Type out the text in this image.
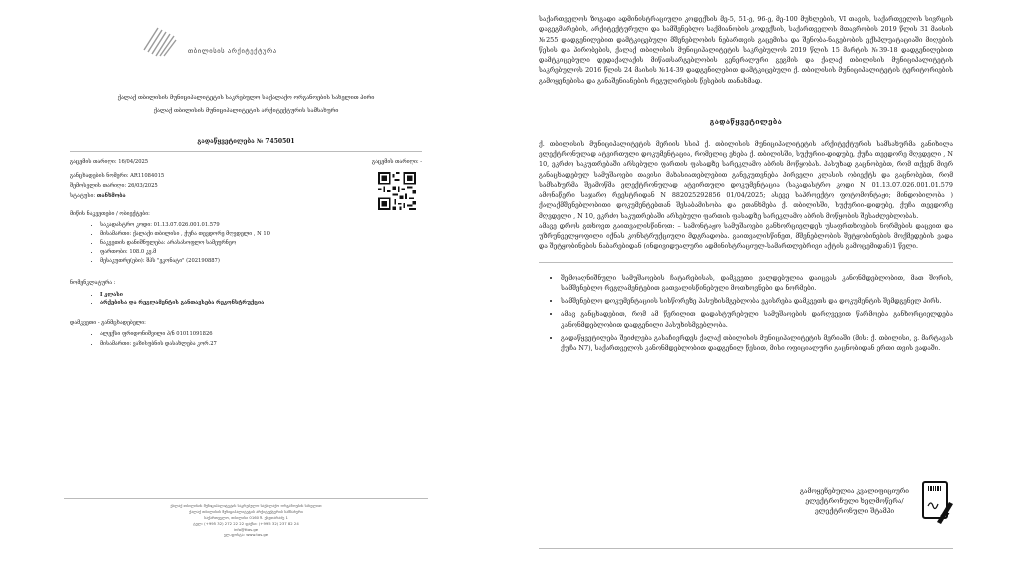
თბილისის არქიტექტურა
ქალაქ თბილისის მუნიციპალიტეტის საკრებულო საქალაქო ორგანოების სახელით პირი
ქალაქ თბილისის მუნიციპალიტეტის არქიტექტურის სამსახური
გადაწყვეტილება № 7450501
გაცემის თარიღი: 16/04/2025	გაცემის თარიღი: -
განცხადების ნომერი: AR11084015
შემოსვლის თარიღი: 26/03/2025
სტატუსი: თანხმობა
მიწის ნაკვეთები / ობიექტები:
• საკადასტრო კოდი: 01.13.07.026.001.01.579
• მისამართი: ქალაქი თბილისი , ქუჩა თევდორე მღვდელი , N 10
• ნაკვეთის დანიშნულება: არასასოფლო სამეურნეო
• ფართობი: 108.0 კვ.მ
• მესაკუთრე(ები): შპს "ეკონატი" (202190887)
ნომენკლატურა :
• I კლასი
• არქებისა და რეგლამენტის განთავსება რეკონსტრუქცია
დამკვეთი - განმცხადებელი:
• ალექსი ფრიდონიშვილი პ/ნ 01011091826
• მისამართი: ვაზისუბნის დასახლება კორ.27
ქალაქ თბილისის მუნიციპალიტეტის საკრებულო საქალაქო ორგანოების სახელით
ქალაქ თბილისის მუნიციპალიტეტის არქიტექტურის სამსახური
საქართველო, თბილისი 0160 ზ. ქავთარაძე 1
ტელ: (+995 32) 272 22 22 ფაქსი: (+995 32) 237 82 24
info@ttas.ge
ელ-ფოსტა: www.tas.ge

საქართველოს ზოგადი ადმინისტრაციული კოდექსის მე-5, 51-ე, 96-ე, მე-100 მუხლების, VI თავის, საქართველოს სივრცის დაგეგმარების, არქიტექტურული და სამშენებლო საქმიანობის კოდექსის, საქართველოს მთავრობის 2019 წლის 31 მაისის №255 დადგენილებით დამტკიცებული მშენებლობის ნებართვის გაცემისა და შენობა-ნაგებობის ექსპლუატაციაში მიღების წესის და პირობების, ქალაქ თბილისის მუნიციპალიტეტის საკრებულოს 2019 წლის 15 მარტის №39-18 დადგენილებით დამტკიცებული დედაქალაქის მიწათსარგებლობის გენერალური გეგმის და ქალაქ თბილისის მუნიციპალიტეტის საკრებულოს 2016 წლის 24 მაისის №14-39 დადგენილებით დამტკიცებული ქ. თბილისის მუნიციპალიტეტის ტერიტორიების გამოყენებისა და განაშენიანების რეგულირების წესების თანახმად.

გადაწყვეტილება

ქ. თბილისის მუნიციპალიტეტის მერიის სსიპ ქ. თბილისის მუნიციპალიტეტის არქიტექტურის სამსახურმა განიხილა ელექტრონულად ატვირთული დოკუმენტაცია, რომელიც ეხება ქ. თბილისში, სუქურიი-დიდუბე, ქუჩა თევდორე მღვდელი , N 10, ეკრძო საკუთრებაში არსებული ფართის ფასადზე სარეკლამო აბრის მოწყობას. პასუხად გაცნობებთ, რომ თქვენ მიერ განაცხადებულ სამუშაოები თავისი მახასიათებლებით განეკუთვნება პირველი კლასის ობიექტს და გაცნობებთ, რომ სამსახურმა შეამოწმა ელექტრონულად ატვირთული დოკუმენტაცია (საკადასტრო კოდი N 01.13.07.026.001.01.579 ამონაწერი საჯარო რეესტრიდან N 882025292856 01/04/2025; ასევე საპროექტო ფოტომონტაჟი; მინდობილობა ) ქალაქმშენებლობითი დოკუმენტებთან შესაბამისობა და ეთანხმება ქ. თბილისში, სუქურიი-დიდუბე, ქუჩა თევდორე მღვდელი , N 10, ეკრძო საკუთრებაში არსებული ფართის ფასადზე სარეკლამო აბრის მოწყობის შესაძლებლობას.

ამავე დროს გთხოვთ გაითვალისწინოთ: – სამონტაჟო სამუშაოები განხორციელდეს უსაფრთხოების ნორმების დაცვით და უზრუნველყოფილი იქნას კონსტრუქციული მდგრადობა. გაითვალისწინეთ, მშენებლობის შეტყობინების მოქმედების ვადა და შეტყობინების ნაბარებიდან (ინდივიდუალური ადმინისტრაციულ-სამართლებრივი აქტის გამოცემიდან)1 წელი.

• შემოაღნიშნული სამუშაოების ჩატარებისას, დამკვეთი ვალდებულია დაიცვას კანონმდებლობით, მათ შორის, სამშენებლო რეგლამენტებით გათვალისწინებული მოთხოვნები და ნორმები.
• სამშენებლო დოკუმენტაციის სისწორეზე პასუხისმგებლობა ეკისრება დამკვეთს და დოკუმენტის შემდგენელ პირს.
• ამავ განცხადებით, რომ ამ წერილით დადასტურებული სამუშაოების დარღვევით წარმოება განხორციელდება კანონმდებლობით დადგენილი პასუხისმგებლობა.
• გადაწყვეტილება შეიძლება გასაჩივრდეს ქალაქ თბილისის მუნიციპალიტეტის მერიაში (მის: ქ. თბილისი, ვ. მარტავას ქუჩა N7), საქართველოს კანონმდებლობით დადგენილ წესით, მისი ოფიციალური გაცნობიდან ერთი თვის ვადაში.
გამოყენებულია კვალიფიციური
ელექტრონული ხელმოწერა/
ელექტრონული შტამპი
